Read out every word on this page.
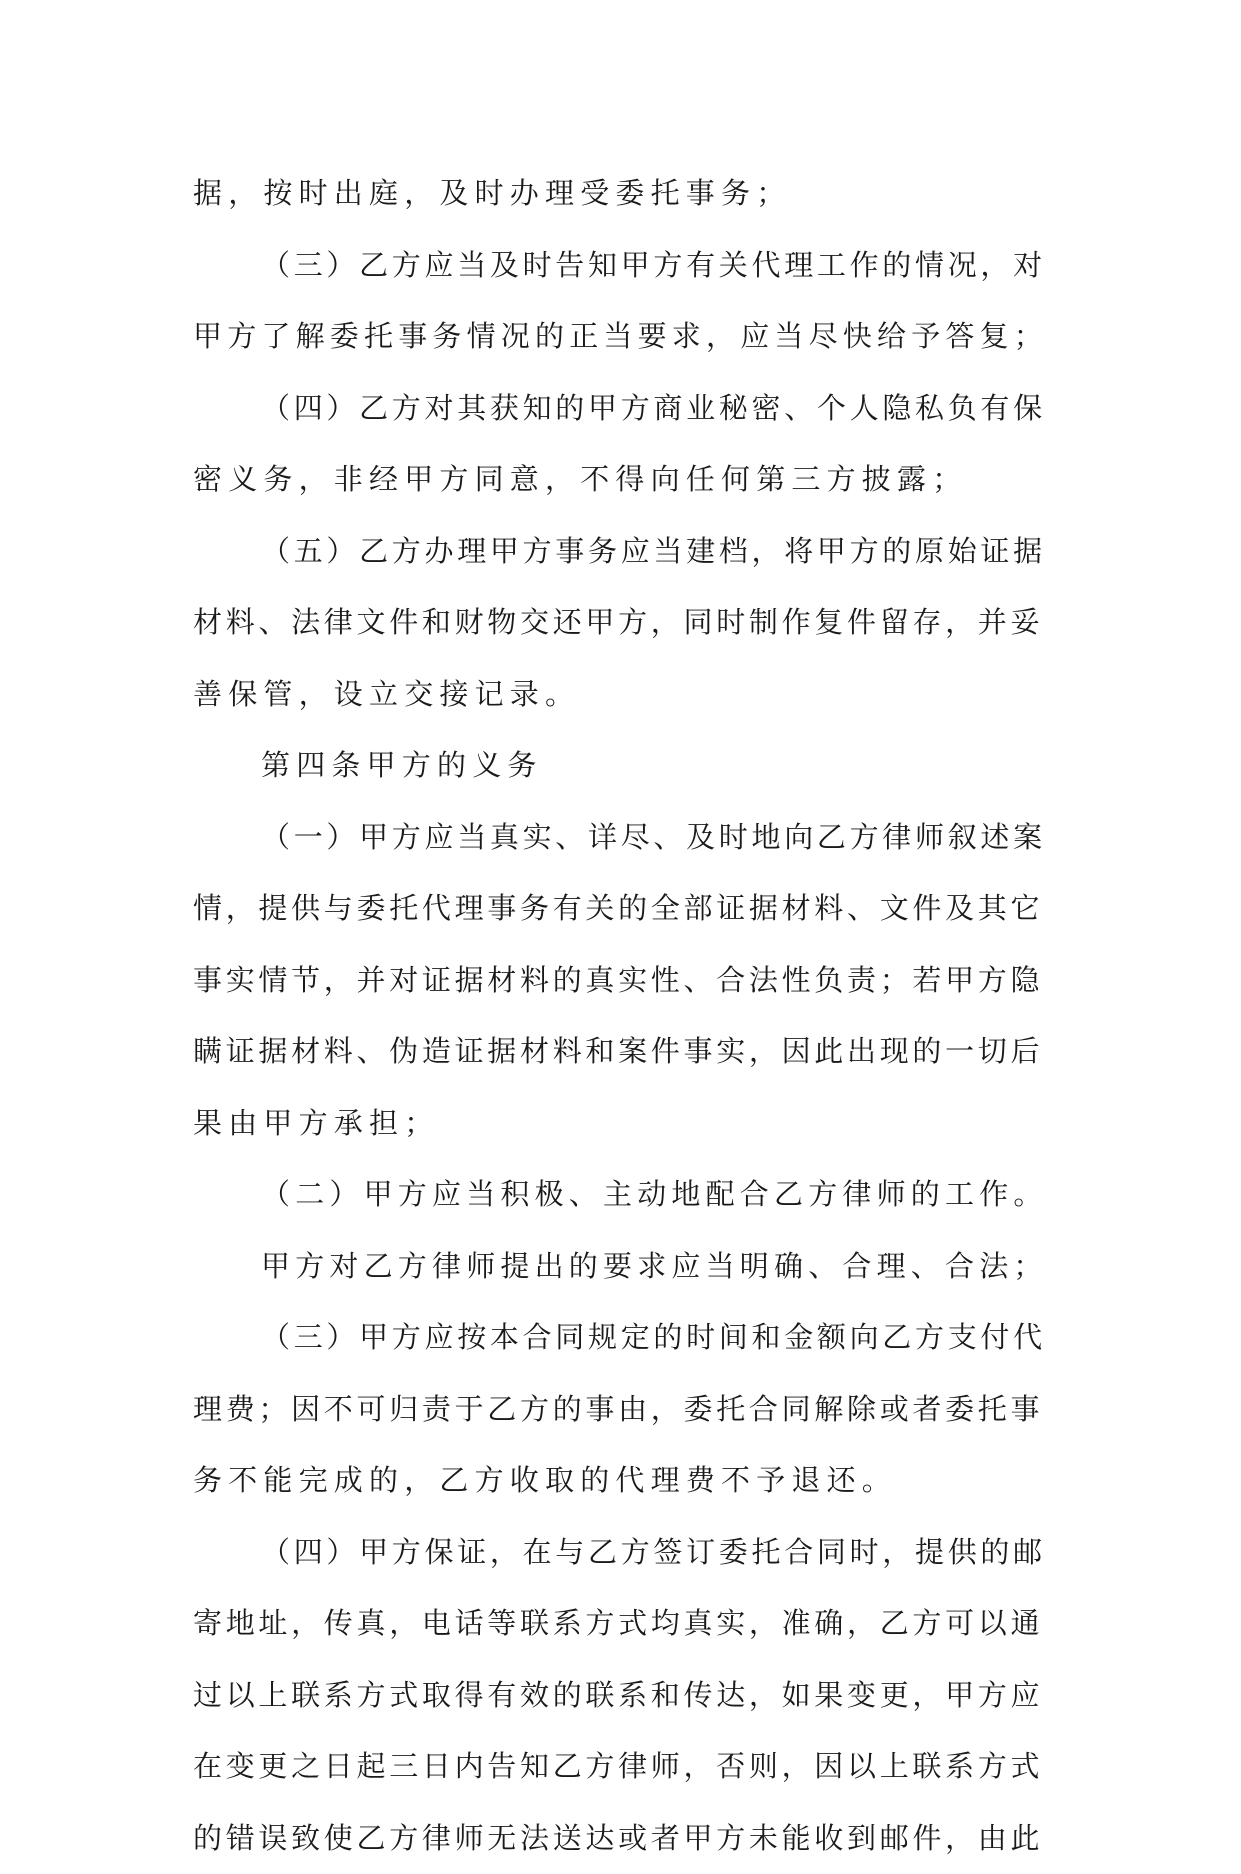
据，按时出庭，及时办理受委托事务；
（三）乙方应当及时告知甲方有关代理工作的情况，对
甲方了解委托事务情况的正当要求，应当尽快给予答复；
（四）乙方对其获知的甲方商业秘密、个人隐私负有保
密义务，非经甲方同意，不得向任何第三方披露；
（五）乙方办理甲方事务应当建档，将甲方的原始证据
材料、法律文件和财物交还甲方，同时制作复件留存，并妥
善保管，设立交接记录。
第四条甲方的义务
（一）甲方应当真实、详尽、及时地向乙方律师叙述案
情，提供与委托代理事务有关的全部证据材料、文件及其它
事实情节，并对证据材料的真实性、合法性负责；若甲方隐
瞒证据材料、伪造证据材料和案件事实，因此出现的一切后
果由甲方承担；
（二）甲方应当积极、主动地配合乙方律师的工作。
甲方对乙方律师提出的要求应当明确、合理、合法；
（三）甲方应按本合同规定的时间和金额向乙方支付代
理费；因不可归责于乙方的事由，委托合同解除或者委托事
务不能完成的，乙方收取的代理费不予退还。
（四）甲方保证，在与乙方签订委托合同时，提供的邮
寄地址，传真，电话等联系方式均真实，准确，乙方可以通
过以上联系方式取得有效的联系和传达，如果变更，甲方应
在变更之日起三日内告知乙方律师，否则，因以上联系方式
的错误致使乙方律师无法送达或者甲方未能收到邮件，由此
